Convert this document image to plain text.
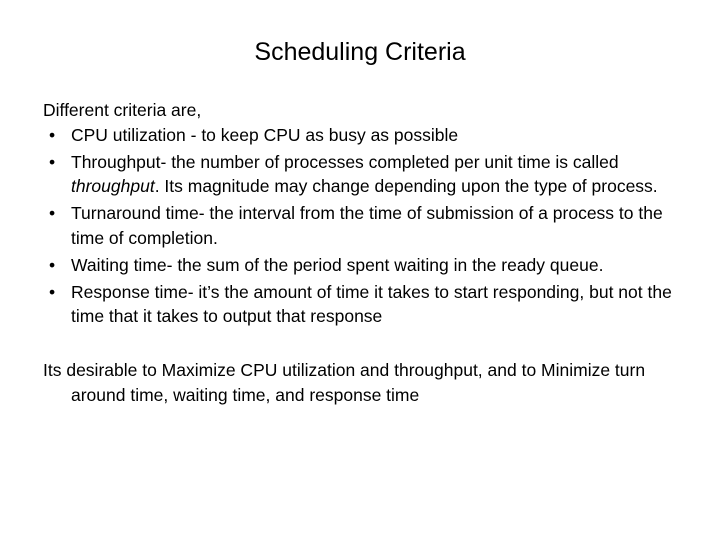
Scheduling Criteria

Different criteria are,

• CPU utilization - to keep CPU as busy as possible
• Throughput- the number of processes completed per unit time is called throughput. Its magnitude may change depending upon the type of process.
• Turnaround time- the interval from the time of submission of a process to the time of completion.
• Waiting time- the sum of the period spent waiting in the ready queue.
• Response time- it’s the amount of time it takes to start responding, but not the time that it takes to output that response

Its desirable to Maximize CPU utilization and throughput, and to Minimize turn around time, waiting time, and response time
